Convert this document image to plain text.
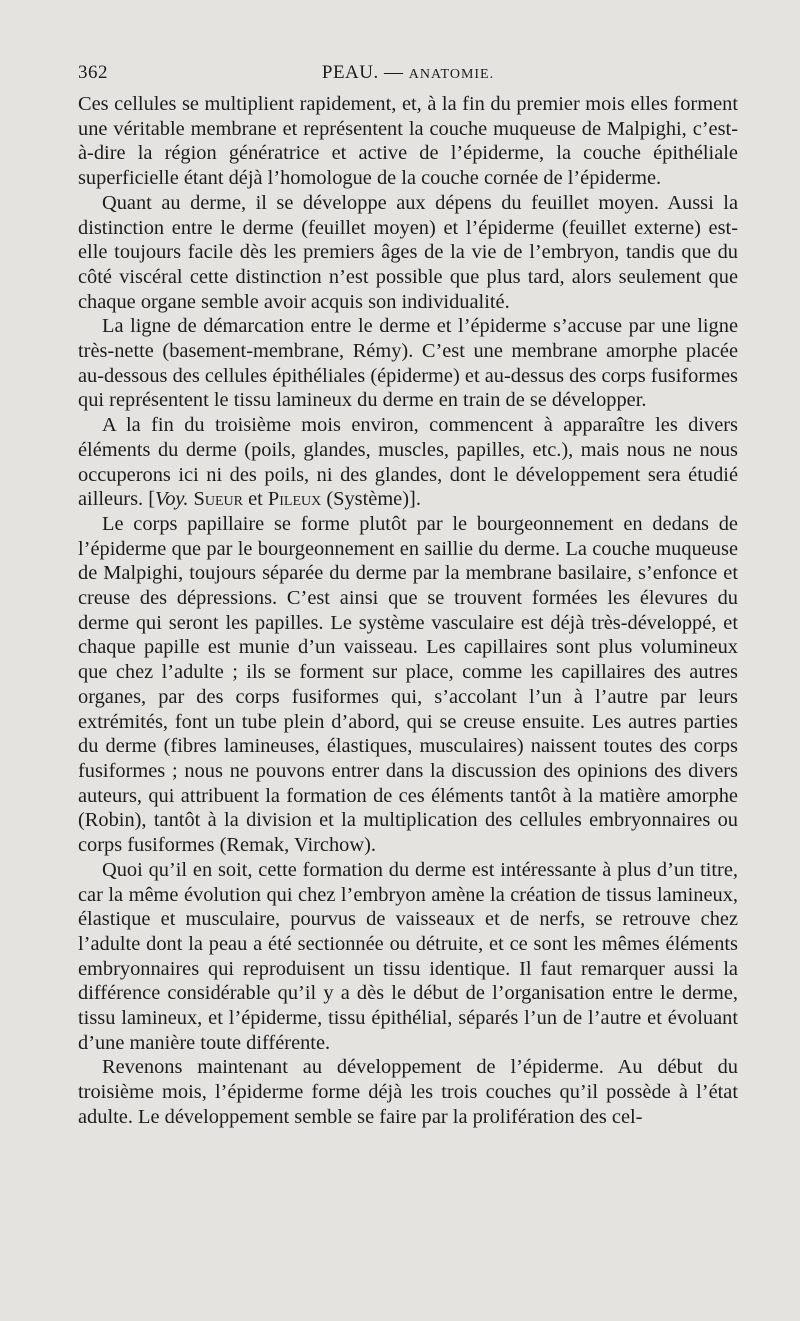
362	PEAU. — ANATOMIE.

Ces cellules se multiplient rapidement, et, à la fin du premier mois elles forment une véritable membrane et représentent la couche muqueuse de Malpighi, c’est-à-dire la région génératrice et active de l’épiderme, la couche épithéliale superficielle étant déjà l’homologue de la couche cornée de l’épiderme.

Quant au derme, il se développe aux dépens du feuillet moyen. Aussi la distinction entre le derme (feuillet moyen) et l’épiderme (feuillet externe) est-elle toujours facile dès les premiers âges de la vie de l’embryon, tandis que du côté viscéral cette distinction n’est possible que plus tard, alors seulement que chaque organe semble avoir acquis son individualité.

La ligne de démarcation entre le derme et l’épiderme s’accuse par une ligne très-nette (basement-membrane, Rémy). C’est une membrane amorphe placée au-dessous des cellules épithéliales (épiderme) et au-dessus des corps fusiformes qui représentent le tissu lamineux du derme en train de se développer.

A la fin du troisième mois environ, commencent à apparaître les divers éléments du derme (poils, glandes, muscles, papilles, etc.), mais nous ne nous occuperons ici ni des poils, ni des glandes, dont le développement sera étudié ailleurs. [Voy. Sueur et Pileux (Système)].

Le corps papillaire se forme plutôt par le bourgeonnement en dedans de l’épiderme que par le bourgeonnement en saillie du derme. La couche muqueuse de Malpighi, toujours séparée du derme par la membrane basilaire, s’enfonce et creuse des dépressions. C’est ainsi que se trouvent formées les élevures du derme qui seront les papilles. Le système vasculaire est déjà très-développé, et chaque papille est munie d’un vaisseau. Les capillaires sont plus volumineux que chez l’adulte ; ils se forment sur place, comme les capillaires des autres organes, par des corps fusiformes qui, s’accolant l’un à l’autre par leurs extrémités, font un tube plein d’abord, qui se creuse ensuite. Les autres parties du derme (fibres lamineuses, élastiques, musculaires) naissent toutes des corps fusiformes ; nous ne pouvons entrer dans la discussion des opinions des divers auteurs, qui attribuent la formation de ces éléments tantôt à la matière amorphe (Robin), tantôt à la division et la multiplication des cellules embryonnaires ou corps fusiformes (Remak, Virchow).

Quoi qu’il en soit, cette formation du derme est intéressante à plus d’un titre, car la même évolution qui chez l’embryon amène la création de tissus lamineux, élastique et musculaire, pourvus de vaisseaux et de nerfs, se retrouve chez l’adulte dont la peau a été sectionnée ou détruite, et ce sont les mêmes éléments embryonnaires qui reproduisent un tissu identique. Il faut remarquer aussi la différence considérable qu’il y a dès le début de l’organisation entre le derme, tissu lamineux, et l’épiderme, tissu épithélial, séparés l’un de l’autre et évoluant d’une manière toute différente.

Revenons maintenant au développement de l’épiderme. Au début du troisième mois, l’épiderme forme déjà les trois couches qu’il possède à l’état adulte. Le développement semble se faire par la prolifération des cel-
